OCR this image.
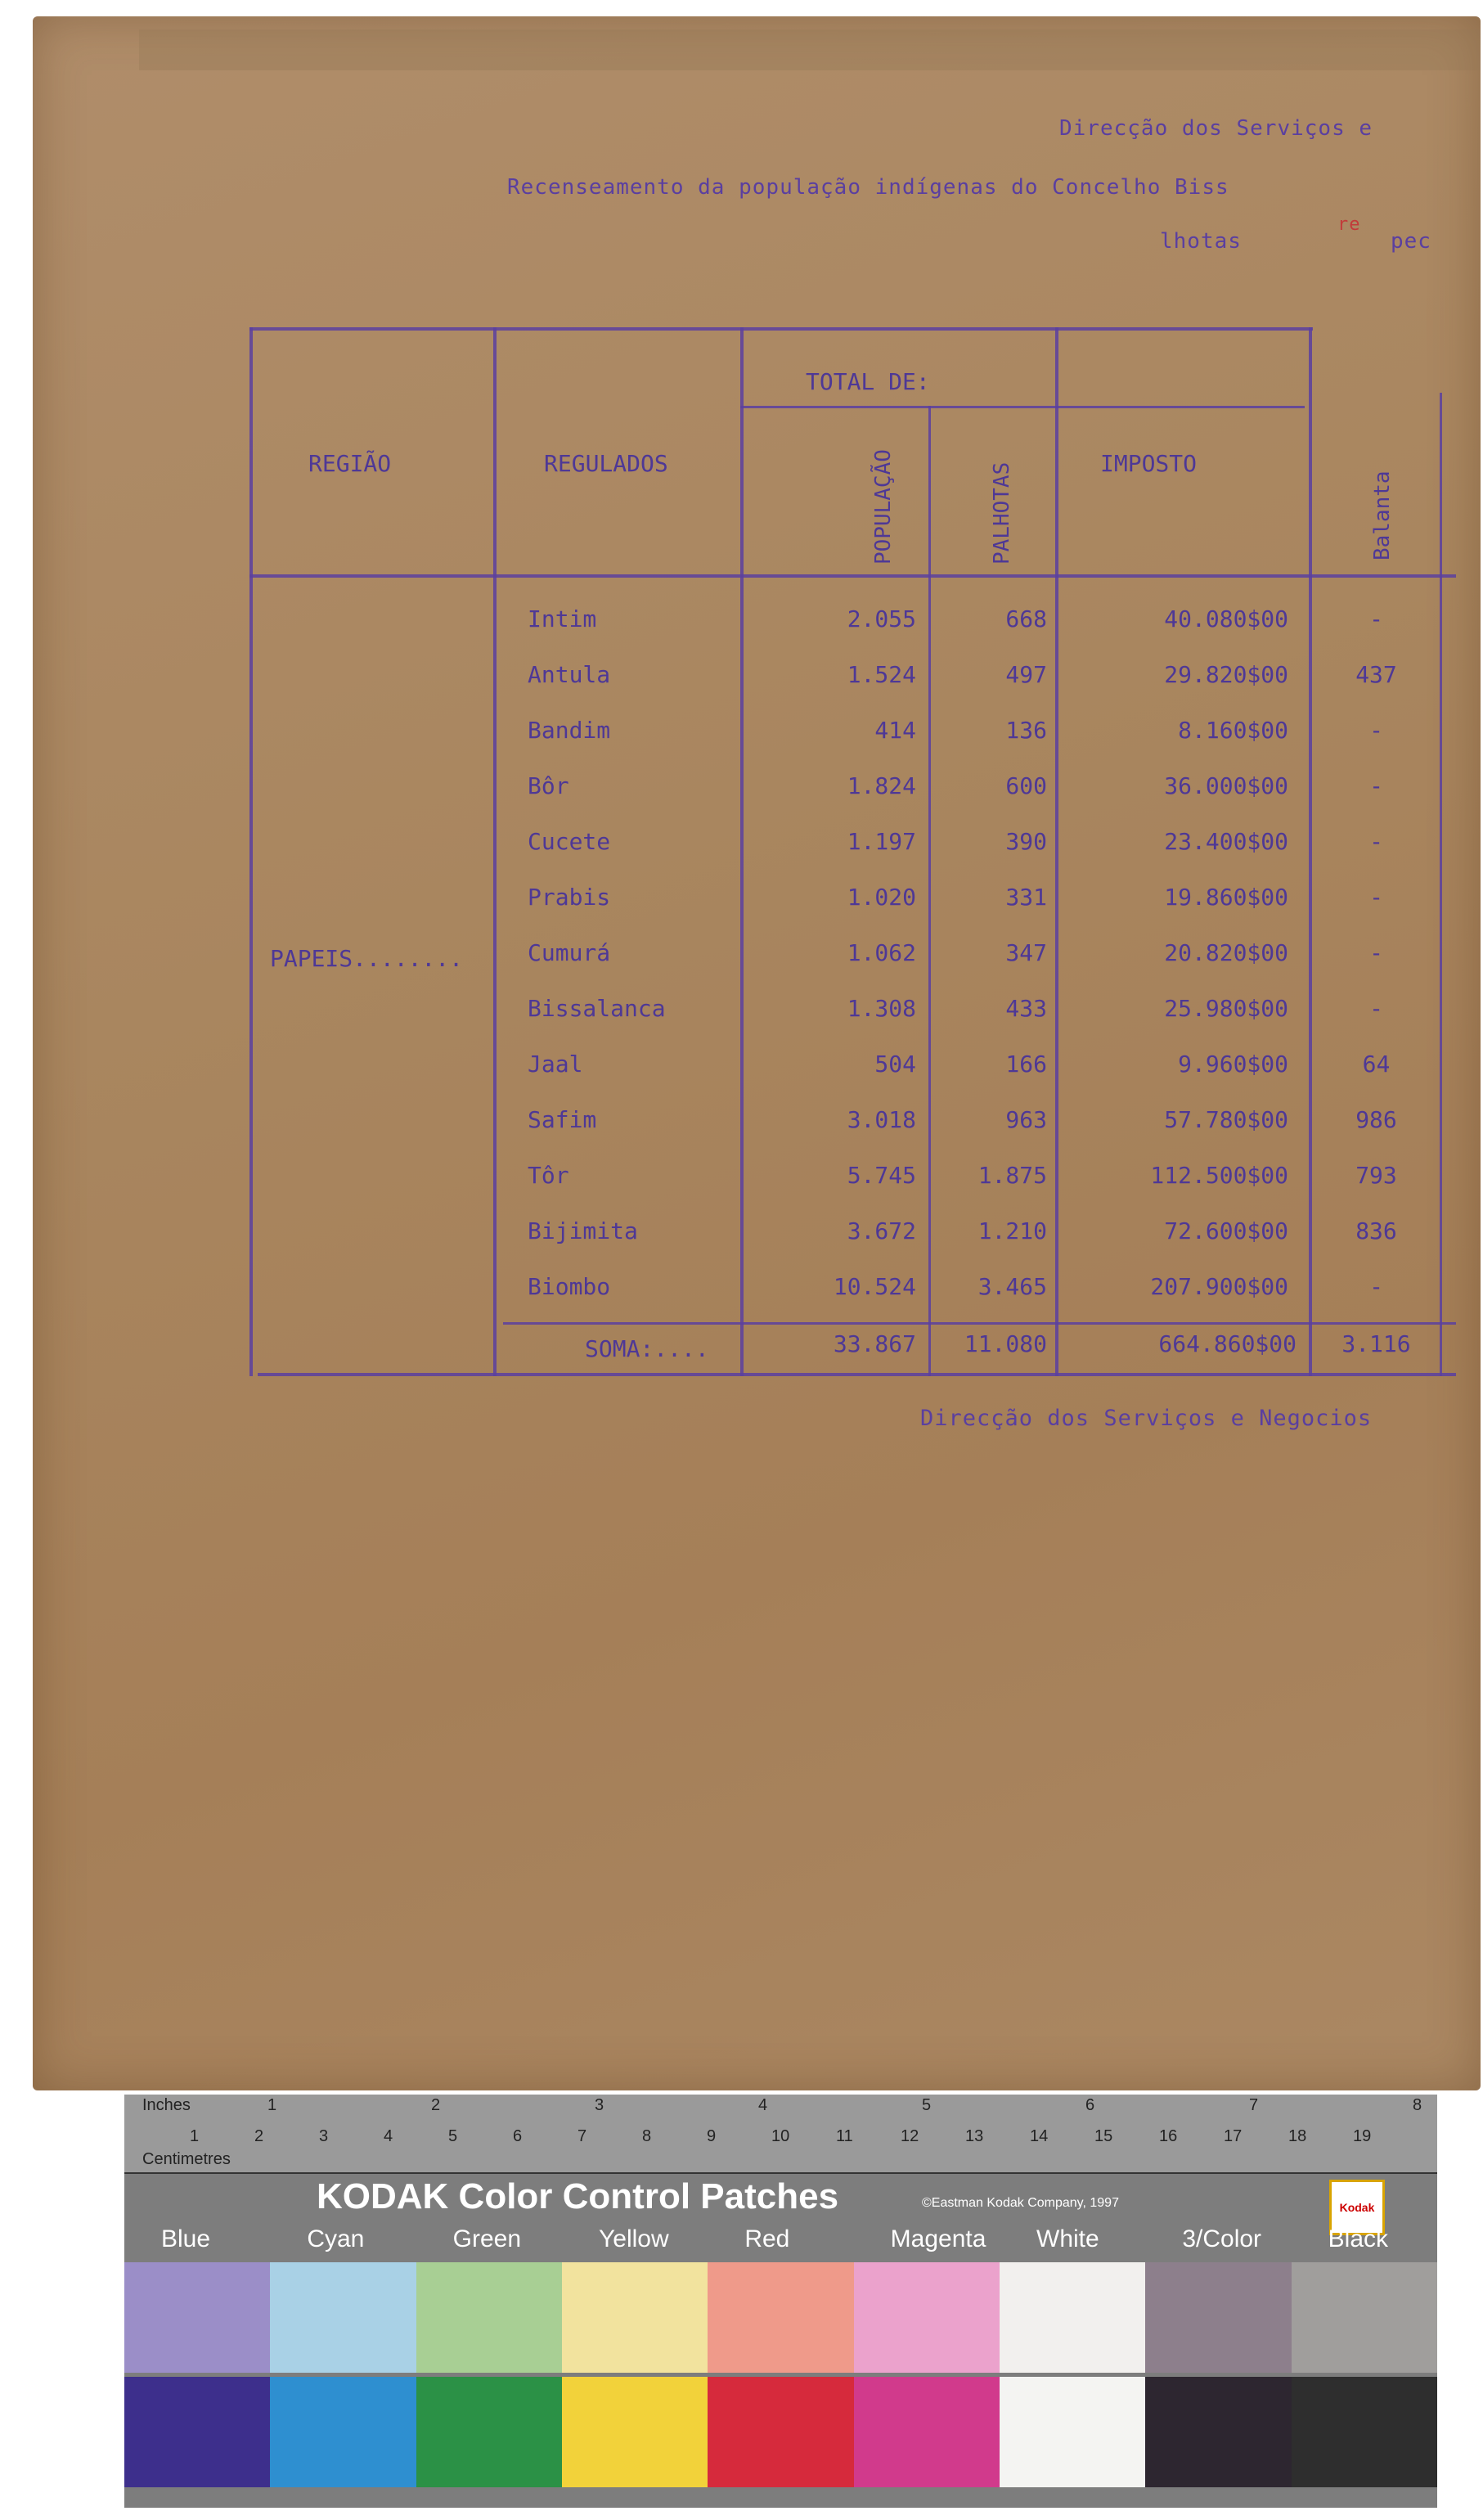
Direcção dos Serviços e
Recenseamento da população indígenas do Concelho Biss
lhotas	pec
re
REGIÃO	REGULADOS
TOTAL DE:
POPULAÇÃO	PALHOTAS	IMPOSTO
Balanta
PAPEIS........
Intim	2.055	668	40.080$00	-
Antula	1.524	497	29.820$00	437
Bandim	414	136	8.160$00	-
Bôr	1.824	600	36.000$00	-
Cucete	1.197	390	23.400$00	-
Prabis	1.020	331	19.860$00	-
Cumurá	1.062	347	20.820$00	-
Bissalanca	1.308	433	25.980$00	-
Jaal	504	166	9.960$00	64
Safim	3.018	963	57.780$00	986
Tôr	5.745	1.875	112.500$00	793
Bijimita	3.672	1.210	72.600$00	836
Biombo	10.524	3.465	207.900$00	-
SOMA:....	33.867	11.080	664.860$00	3.116
Direcção dos Serviços e Negocios
Inches
Centimetres
1	2	3	4	5	6	7	8
1	2	3	4	5	6	7	8	9	10	11	12	13	14	15	16	17	18	19
KODAK Color Control Patches	©Eastman Kodak Company, 1997	Kodak
Blue	Cyan	Green	Yellow	Red	Magenta White	3/Color	Black
